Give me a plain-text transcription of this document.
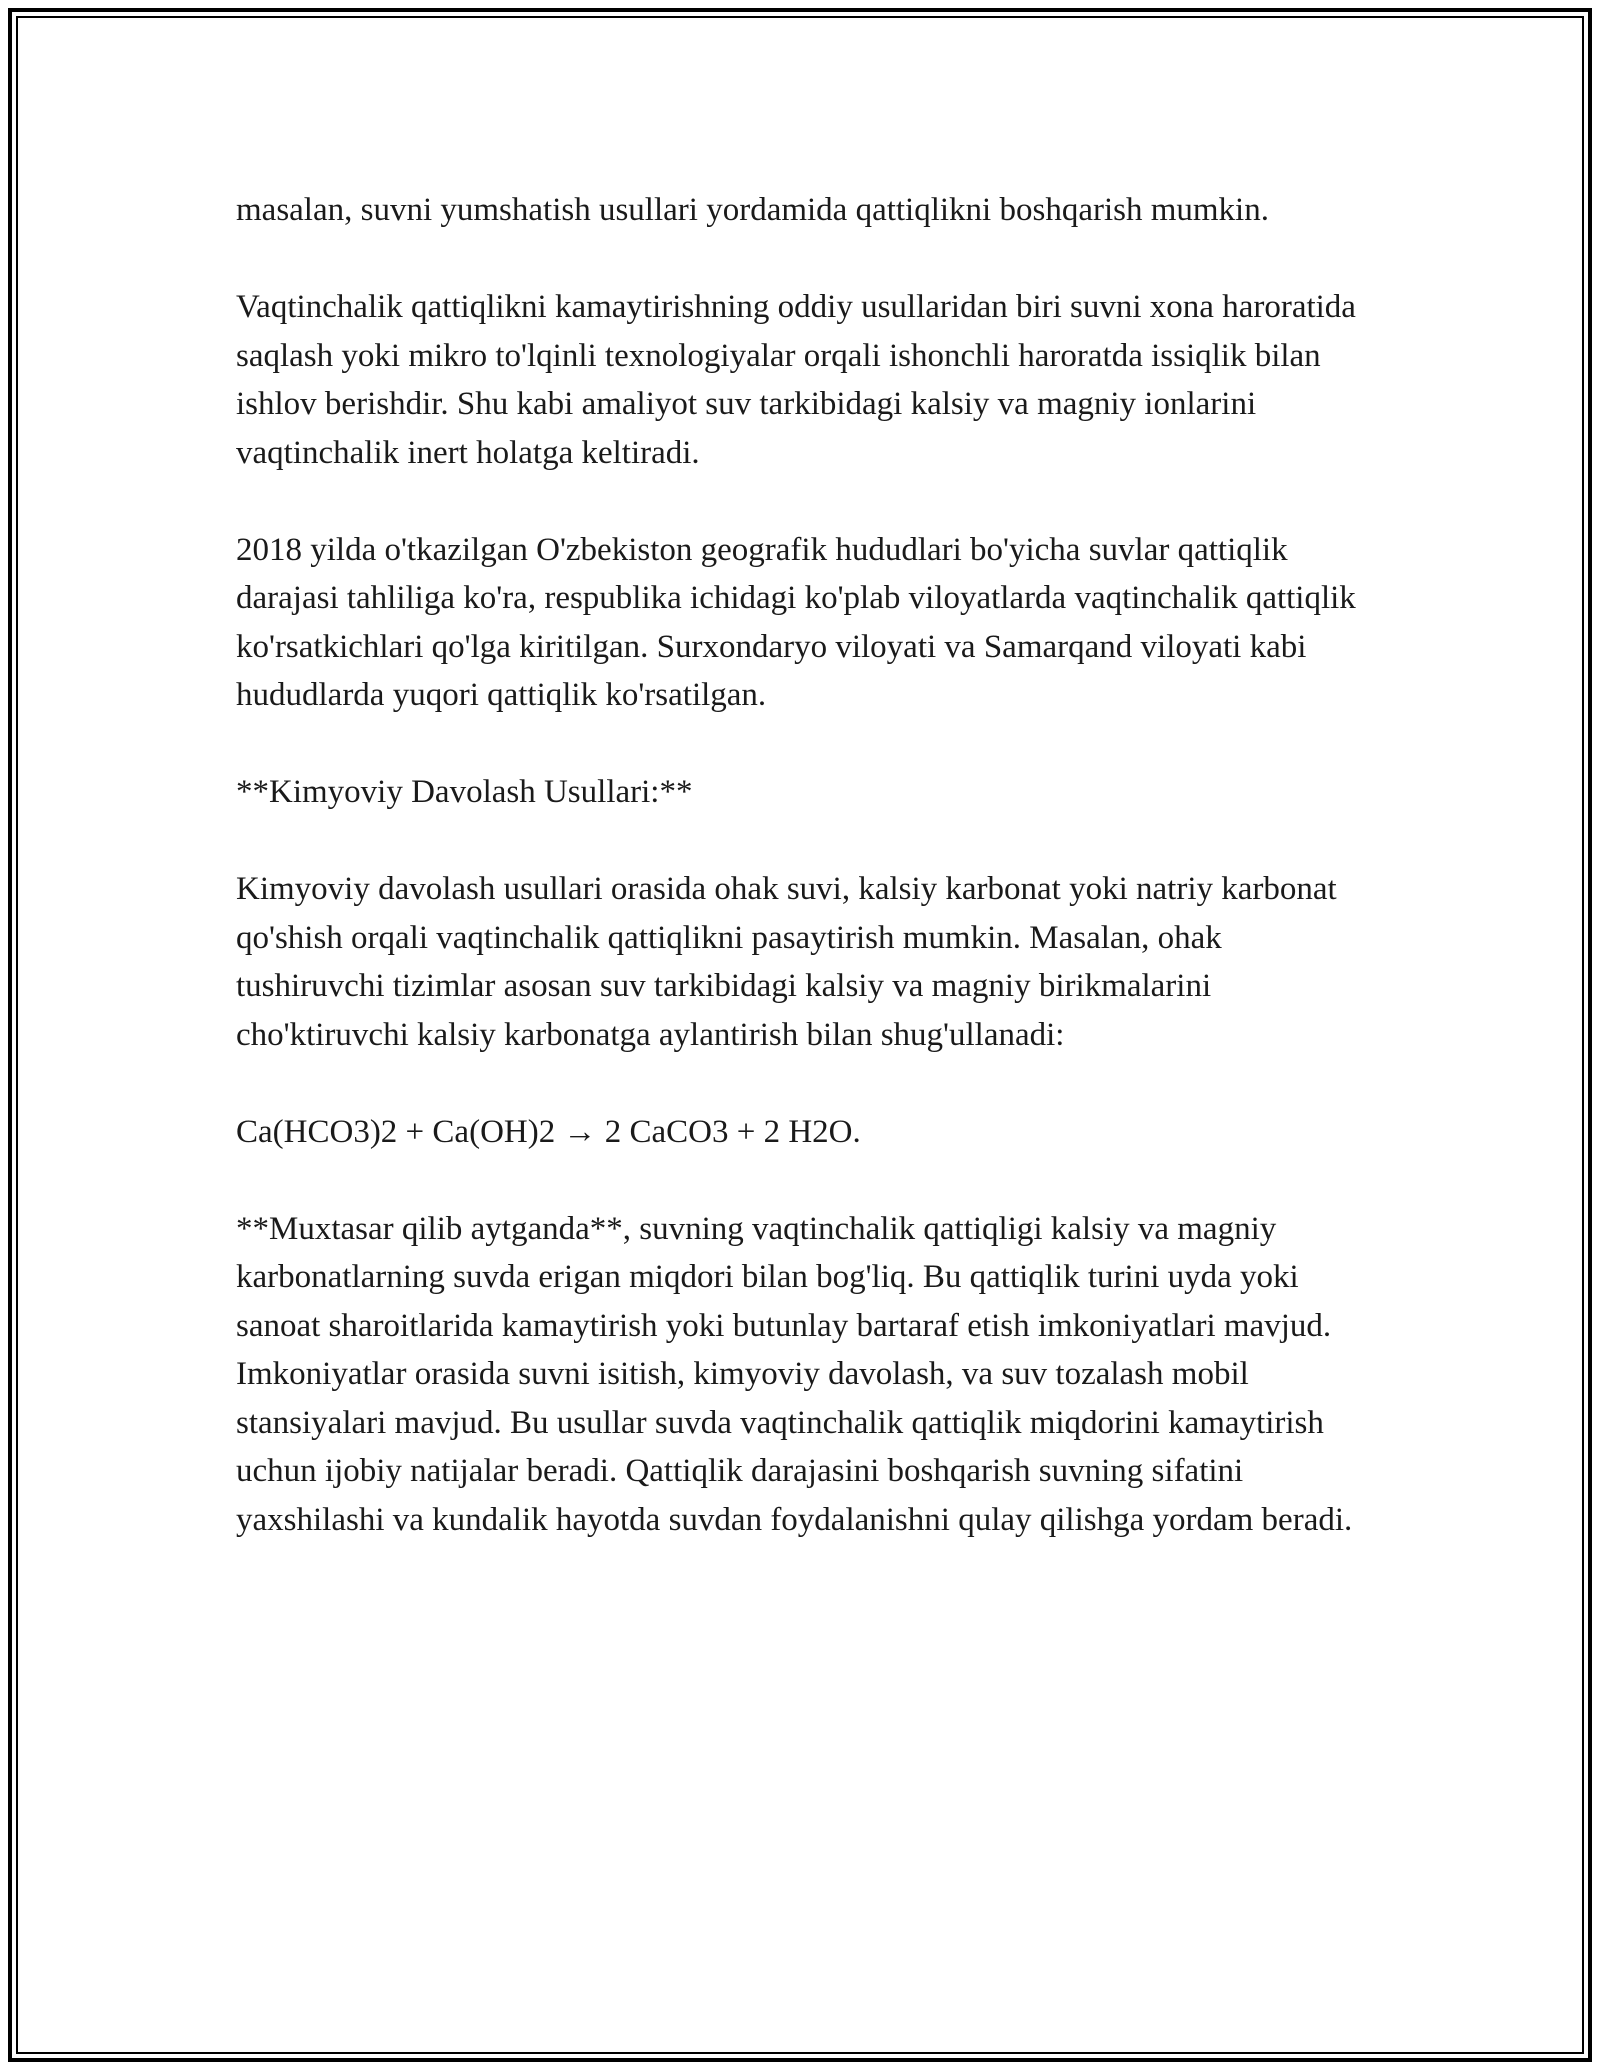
masalan, suvni yumshatish usullari yordamida qattiqlikni boshqarish mumkin.

Vaqtinchalik qattiqlikni kamaytirishning oddiy usullaridan biri suvni xona haroratida saqlash yoki mikro to'lqinli texnologiyalar orqali ishonchli haroratda issiqlik bilan ishlov berishdir. Shu kabi amaliyot suv tarkibidagi kalsiy va magniy ionlarini vaqtinchalik inert holatga keltiradi.

2018 yilda o'tkazilgan O'zbekiston geografik hududlari bo'yicha suvlar qattiqlik darajasi tahliliga ko'ra, respublika ichidagi ko'plab viloyatlarda vaqtinchalik qattiqlik ko'rsatkichlari qo'lga kiritilgan. Surxondaryo viloyati va Samarqand viloyati kabi hududlarda yuqori qattiqlik ko'rsatilgan.

**Kimyoviy Davolash Usullari:**

Kimyoviy davolash usullari orasida ohak suvi, kalsiy karbonat yoki natriy karbonat qo'shish orqali vaqtinchalik qattiqlikni pasaytirish mumkin. Masalan, ohak tushiruvchi tizimlar asosan suv tarkibidagi kalsiy va magniy birikmalarini cho'ktiruvchi kalsiy karbonatga aylantirish bilan shug'ullanadi:

Ca(HCO3)2 + Ca(OH)2 → 2 CaCO3 + 2 H2O.

**Muxtasar qilib aytganda**, suvning vaqtinchalik qattiqligi kalsiy va magniy karbonatlarning suvda erigan miqdori bilan bog'liq. Bu qattiqlik turini uyda yoki sanoat sharoitlarida kamaytirish yoki butunlay bartaraf etish imkoniyatlari mavjud. Imkoniyatlar orasida suvni isitish, kimyoviy davolash, va suv tozalash mobil stansiyalari mavjud. Bu usullar suvda vaqtinchalik qattiqlik miqdorini kamaytirish uchun ijobiy natijalar beradi. Qattiqlik darajasini boshqarish suvning sifatini yaxshilashi va kundalik hayotda suvdan foydalanishni qulay qilishga yordam beradi.
